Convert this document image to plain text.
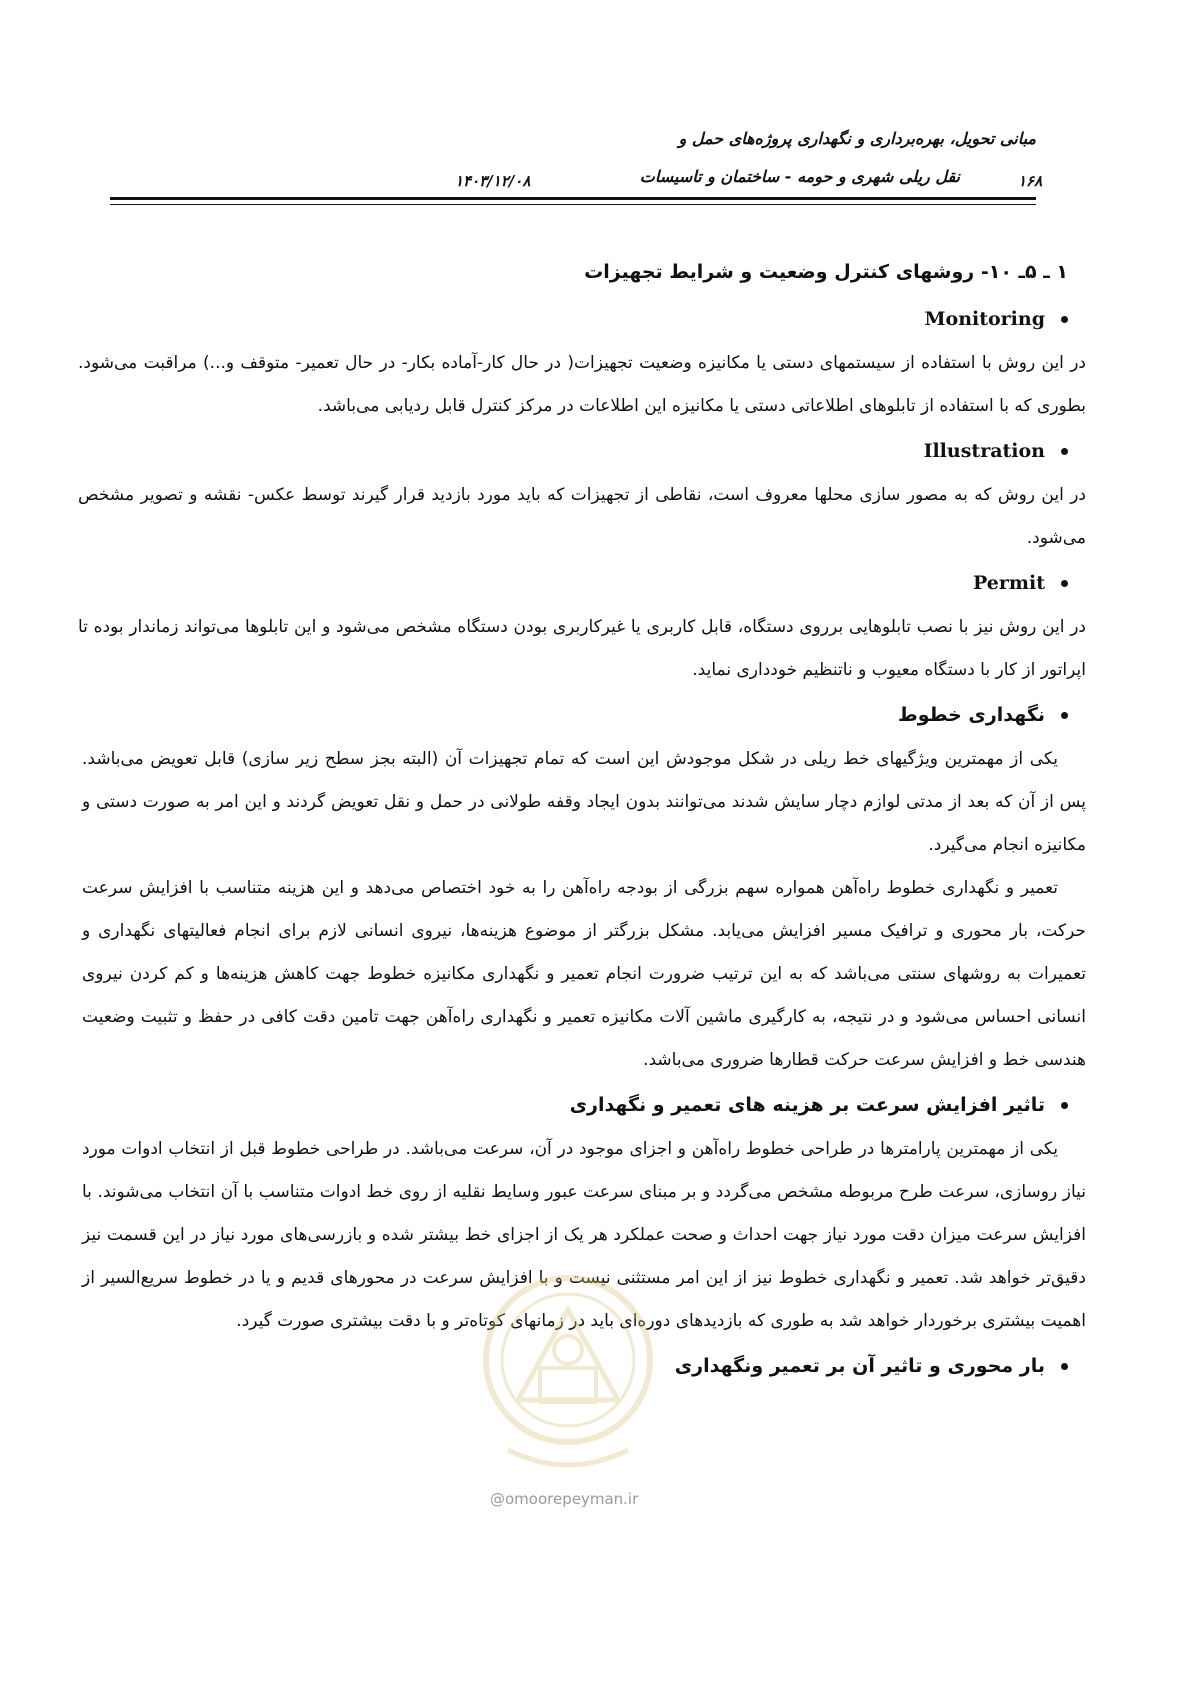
مبانی تحویل، بهره‌برداری و نگهداری پروژه‌های حمل و
نقل ریلی شهری و حومه - ساختمان و تاسیسات
۱۴۰۳/۱۲/۰۸	۱۶۸
۱ ـ ۵ـ ۱۰- روشهای کنترل وضعیت و شرایط تجهیزات
Monitoring

در این روش با استفاده از سیستمهای دستی یا مکانیزه وضعیت تجهیزات( در حال کار-آماده بکار- در حال تعمیر- متوقف و...) مراقبت می‌شود. بطوری که با استفاده از تابلوهای اطلاعاتی دستی یا مکانیزه این اطلاعات در مرکز کنترل قابل ردیابی می‌باشد.

Illustration

در این روش که به مصور سازی محلها معروف است، نقاطی از تجهیزات که باید مورد بازدید قرار گیرند توسط عکس- نقشه و تصویر مشخص می‌شود.

Permit

در این روش نیز با نصب تابلوهایی برروی دستگاه، قابل کاربری یا غیرکاربری بودن دستگاه مشخص می‌شود و این تابلوها می‌تواند زماندار بوده تا اپراتور از کار با دستگاه معیوب و ناتنظیم خودداری نماید.

نگهداری خطوط

یکی از مهمترین ویژگیهای خط ریلی در شکل موجودش این است که تمام تجهیزات آن (البته بجز سطح زیر سازی) قابل تعویض می‌باشد. پس از آن که بعد از مدتی لوازم دچار سایش شدند می‌توانند بدون ایجاد وقفه طولانی در حمل و نقل تعویض گردند و این امر به صورت دستی و مکانیزه انجام می‌گیرد.

تعمیر و نگهداری خطوط راه‌آهن همواره سهم بزرگی از بودجه راه‌آهن را به خود اختصاص می‌دهد و این هزینه متناسب با افزایش سرعت حرکت، بار محوری و ترافیک مسیر افزایش می‌یابد. مشکل بزرگتر از موضوع هزینه‌ها، نیروی انسانی لازم برای انجام فعالیتهای نگهداری و تعمیرات به روشهای سنتی می‌باشد که به این ترتیب ضرورت انجام تعمیر و نگهداری مکانیزه خطوط جهت کاهش هزینه‌ها و کم کردن نیروی انسانی احساس می‌شود و در نتیجه، به کارگیری ماشین آلات مکانیزه تعمیر و نگهداری راه‌آهن جهت تامین دقت کافی در حفظ و تثبیت وضعیت هندسی خط و افزایش سرعت حرکت قطارها ضروری می‌باشد.

تاثیر افزایش سرعت بر هزینه های تعمیر و نگهداری

یکی از مهمترین پارامترها در طراحی خطوط راه‌آهن و اجزای موجود در آن، سرعت می‌باشد. در طراحی خطوط قبل از انتخاب ادوات مورد نیاز روسازی، سرعت طرح مربوطه مشخص می‌گردد و بر مبنای سرعت عبور وسایط نقلیه از روی خط ادوات متناسب با آن انتخاب می‌شوند. با افزایش سرعت میزان دقت مورد نیاز جهت احداث و صحت عملکرد هر یک از اجزای خط بیشتر شده و بازرسی‌های مورد نیاز در این قسمت نیز دقیق‌تر خواهد شد. تعمیر و نگهداری خطوط نیز از این امر مستثنی نیست و با افزایش سرعت در محورهای قدیم و یا در خطوط سریع‌السیر از اهمیت بیشتری برخوردار خواهد شد به طوری که بازدیدهای دوره‌ای باید در زمانهای کوتاه‌تر و با دقت بیشتری صورت گیرد.

بار محوری و تاثیر آن بر تعمیر ونگهداری
@omoorepeyman.ir
